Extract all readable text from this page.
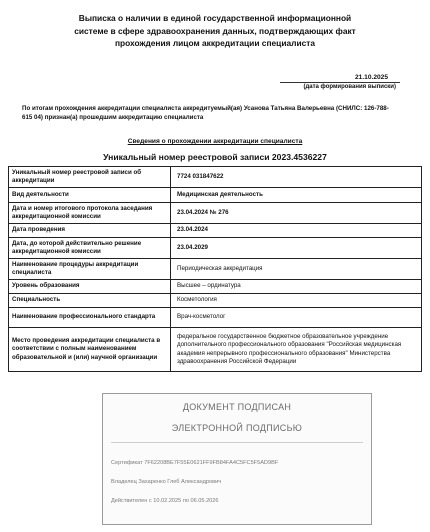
Выписка о наличии в единой государственной информационной
системе в сфере здравоохранения данных, подтверждающих факт
прохождения лицом аккредитации специалиста
21.10.2025
(дата формирования выписки)
По итогам прохождения аккредитации специалиста аккредитуемый(ая) Усанова Татьяна Валерьевна (СНИЛС: 126-788-
615 04) признан(а) прошедшим аккредитацию специалиста
Сведения о прохождении аккредитации специалиста
Уникальный номер реестровой записи 2023.4536227
Уникальный номер реестровой записи об аккредитации	7724 031847622
Вид деятельности	Медицинская деятельность
Дата и номер итогового протокола заседания аккредитационной комиссии	23.04.2024 № 276
Дата проведения	23.04.2024
Дата, до которой действительно решение аккредитационной комиссии	23.04.2029
Наименование процедуры аккредитации специалиста	Периодическая аккредитация
Уровень образования	Высшее – ординатура
Специальность	Косметология
Наименование профессионального стандарта	Врач-косметолог
Место проведения аккредитации специалиста в соответствии с полным наименованием образовательной и (или) научной организации	федеральное государственное бюджетное образовательное учреждение дополнительного профессионального образования "Российская медицинская академия непрерывного профессионального образования" Министерства здравоохранения Российской Федерации
ДОКУМЕНТ ПОДПИСАН
ЭЛЕКТРОННОЙ ПОДПИСЬЮ
Сертификат 7F62208BE7F55E0621FF9FB84FA4C5FC5F5AD9BF
Владелец Захаренко Глеб Александрович
Действителен с 10.02.2025 по 06.05.2026
